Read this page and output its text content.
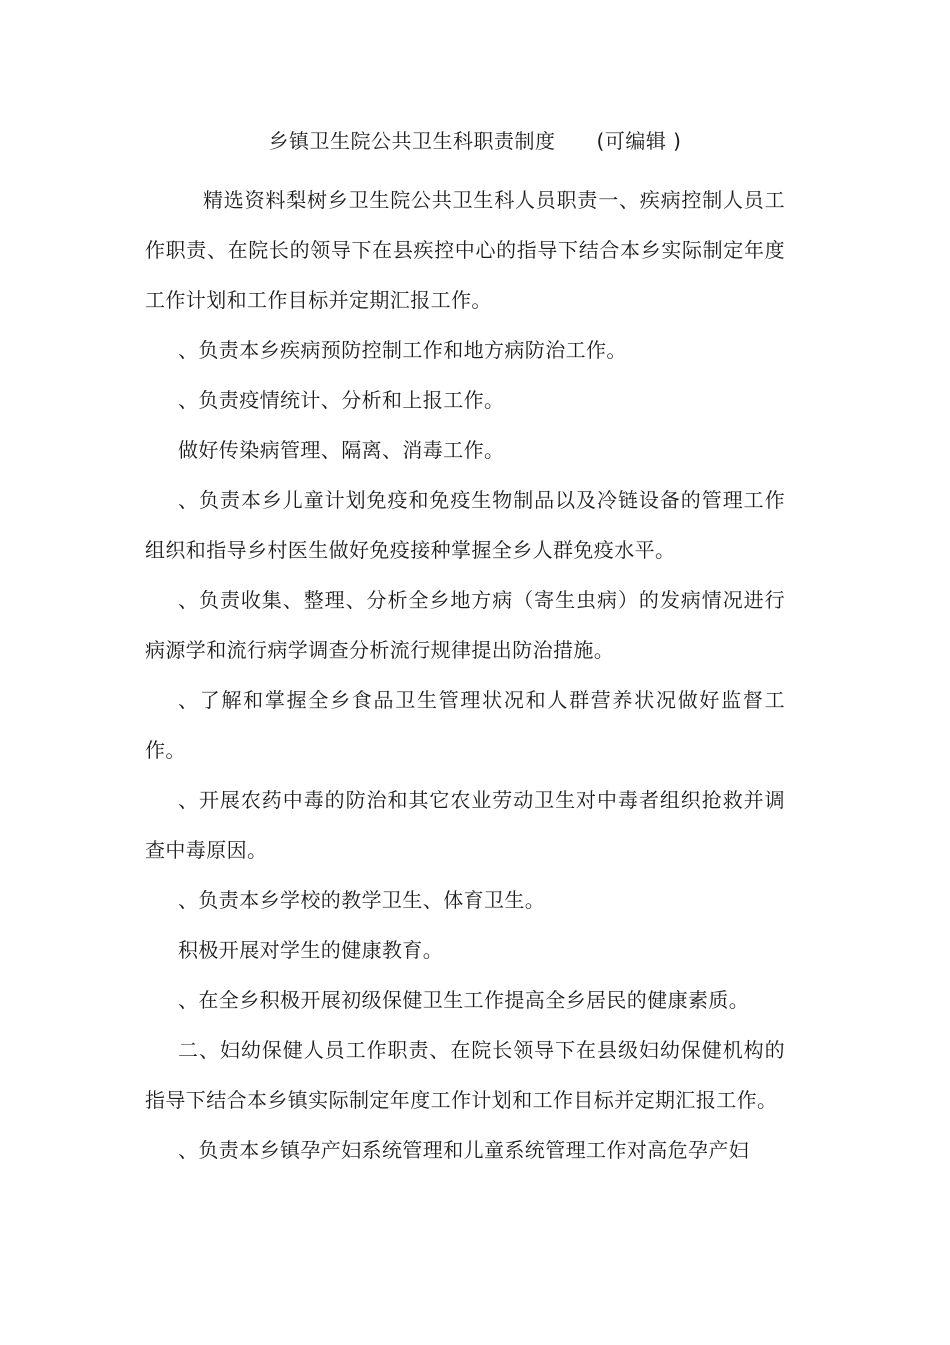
乡镇卫生院公共卫生科职责制度　　(可编辑 )

精选资料梨树乡卫生院公共卫生科人员职责一、疾病控制人员工作职责、在院长的领导下在县疾控中心的指导下结合本乡实际制定年度工作计划和工作目标并定期汇报工作。

、负责本乡疾病预防控制工作和地方病防治工作。

、负责疫情统计、分析和上报工作。

做好传染病管理、隔离、消毒工作。

、负责本乡儿童计划免疫和免疫生物制品以及冷链设备的管理工作组织和指导乡村医生做好免疫接种掌握全乡人群免疫水平。

、负责收集、整理、分析全乡地方病（寄生虫病）的发病情况进行病源学和流行病学调查分析流行规律提出防治措施。

、了解和掌握全乡食品卫生管理状况和人群营养状况做好监督工作。

、开展农药中毒的防治和其它农业劳动卫生对中毒者组织抢救并调查中毒原因。

、负责本乡学校的教学卫生、体育卫生。

积极开展对学生的健康教育。

、在全乡积极开展初级保健卫生工作提高全乡居民的健康素质。

二、妇幼保健人员工作职责、在院长领导下在县级妇幼保健机构的指导下结合本乡镇实际制定年度工作计划和工作目标并定期汇报工作。

、负责本乡镇孕产妇系统管理和儿童系统管理工作对高危孕产妇
